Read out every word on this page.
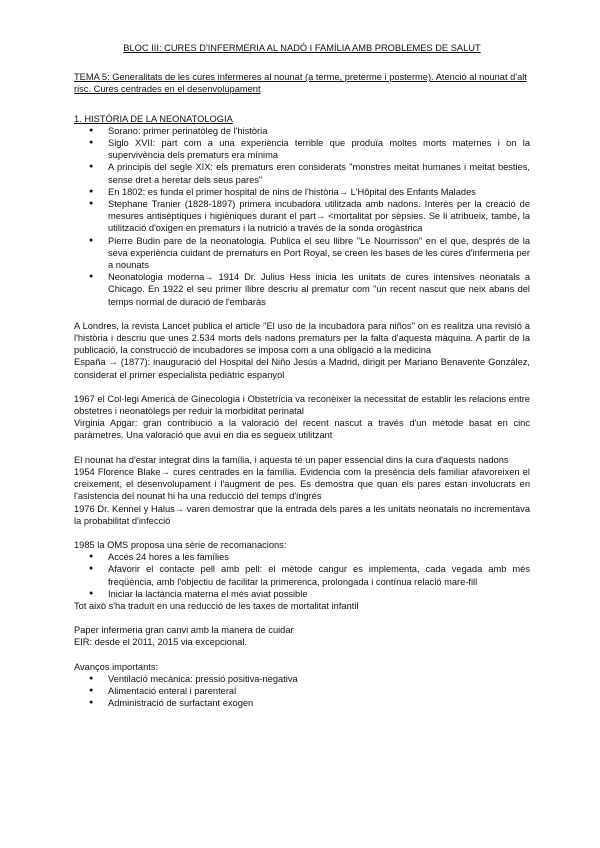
BLOC III: CURES D'INFERMERIA AL NADÓ I FAMÍLIA AMB PROBLEMES DE SALUT

TEMA 5: Generalitats de les cures infermeres al nounat (a terme, preterme i posterme). Atenció al nounat d'alt risc. Cures centrades en el desenvolupament

1. HISTÒRIA DE LA NEONATOLOGIA

● Sorano: primer perinatòleg de l'història
● Siglo XVII: part com a una experiència terrible que produïa moltes morts maternes i on la supervivència dels prematurs era mínima
● A principis del segle XIX: els prematurs eren considerats "monstres meitat humanes i meitat besties, sense dret a heretar dels seus pares"
● En 1802: es funda el primer hospital de nins de l'història→ L'Hôpital des Enfants Malades
● Stephane Tranier (1828-1897) primera incubadora utilitzada amb nadons. Interès per la creació de mesures antisèptiques i higièniques durant el part→ <mortalitat por sèpsies. Se li atribueix, també, la utilització d'oxigen en prematurs i la nutrició a través de la sonda orogàstrica
● Pierre Budin pare de la neonatologia. Publica el seu llibre "Le Nourrisson" en el que, després de la seva experiència cuidant de prematurs en Port Royal, se creen les bases de les cures d'infermeria per a nounats
● Neonatologia moderna→ 1914 Dr. Julius Hess inicia les unitats de cures intensives neonatals a Chicago. En 1922 el seu primer llibre descriu al prematur com "un recent nascut que neix abans del temps normal de duració de l'embaràs

A Londres, la revista Lancet publica el article "El uso de la incubadora para niños" on es realitza una revisió a l'història i descriu que unes 2.534 morts dels nadons prematurs per la falta d'aquesta màquina. A partir de la publicació, la construcció de incubadores se imposa com a una obligació a la medicina

España → (1877): inauguració del Hospital del Niño Jesús a Madrid, dirigit per Mariano Benavente González, considerat el primer especialista pediàtric espanyol

1967 el Col·legi Americà de Ginecologia i Obstetrícia va reconèixer la necessitat de establir les relacions entre obstetres i neonatòlegs per reduir la morbiditat perinatal

Virginia Apgar: gran contribució a la valoració del recent nascut a través d'un mètode basat en cinc paràmetres. Una valoració que avui en dia es segueix utilitzant

El nounat ha d'estar integrat dins la família, i aquesta té un paper essencial dins la cura d'aquests nadons

1954 Florence Blake→ cures centrades en la família. Evidencia com la presència dels familiar afavoreixen el creixement, el desenvolupament i l'augment de pes. Es demostra que quan els pares estan involucrats en l'asistencia del nounat hi ha una reducció del temps d'ingrés

1976 Dr. Kennel y Halus→ varen demostrar que la entrada dels pares a les unitats neonatals no incrementava la probabilitat d'infecció

1985 la OMS proposa una sèrie de recomanacions:

● Accés 24 hores a les famílies
● Afavorir el contacte pell amb pell: el mètode cangur es implementa, cada vegada amb més freqüència, amb l'objectiu de facilitar la primerenca, prolongada i contínua relació mare-fill
● Iniciar la lactància materna el més aviat possible

Tot això s'ha traduït en una reducció de les taxes de mortalitat infantil

Paper infermeria gran canvi amb la manera de cuidar

EIR: desde el 2011, 2015 via excepcional.

Avanços importants:

● Ventilació mecànica: pressió positiva-negativa
● Alimentació enteral i parenteral
● Administració de surfactant exogen
